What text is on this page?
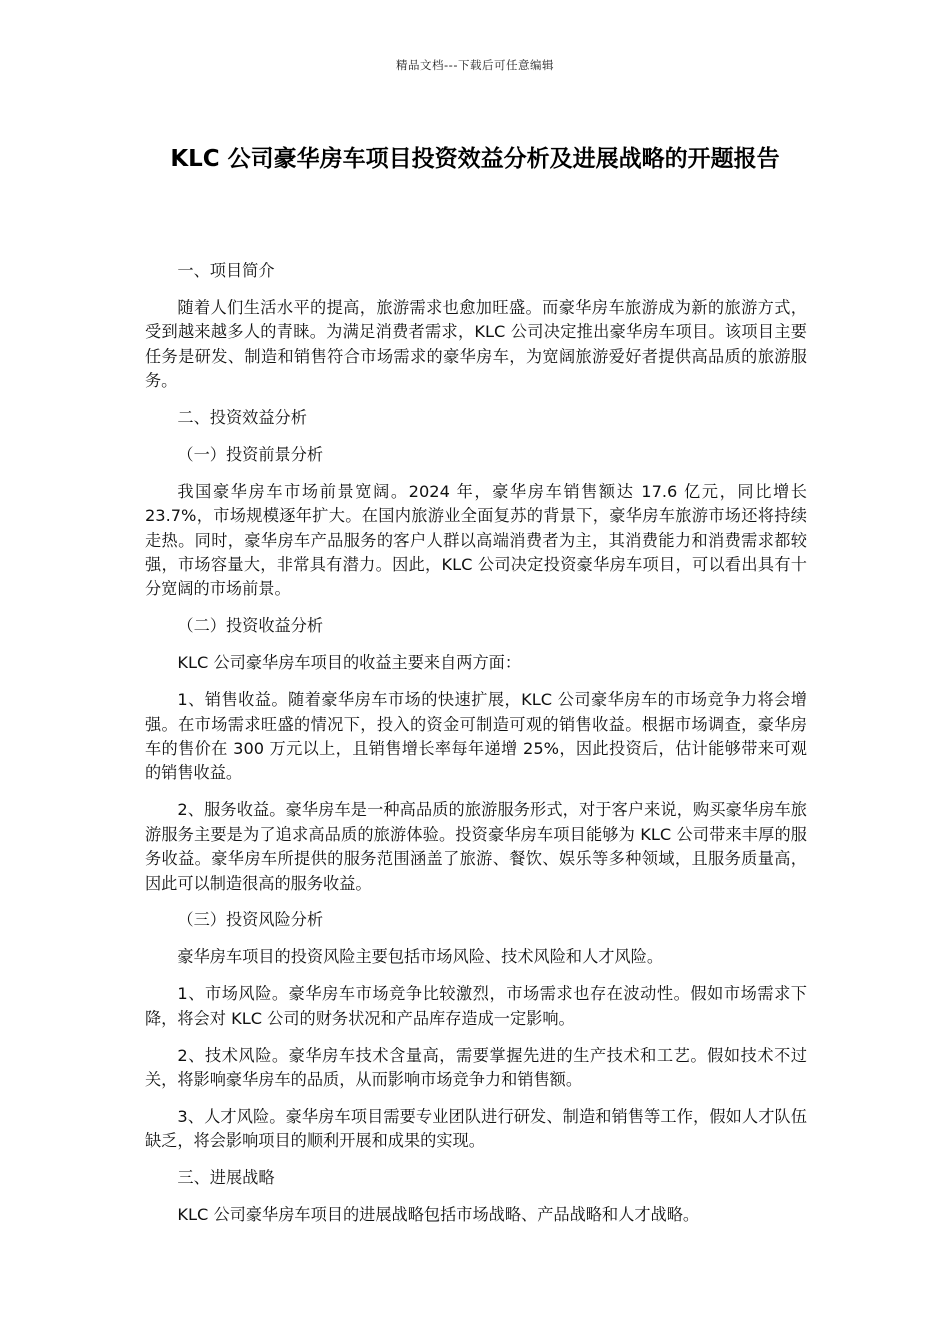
精品文档---下载后可任意编辑
KLC 公司豪华房车项目投资效益分析及进展战略的开题报告

一、项目简介

随着人们生活水平的提高，旅游需求也愈加旺盛。而豪华房车旅游成为新的旅游方式，受到越来越多人的青睐。为满足消费者需求，KLC 公司决定推出豪华房车项目。该项目主要任务是研发、制造和销售符合市场需求的豪华房车，为宽阔旅游爱好者提供高品质的旅游服务。

二、投资效益分析

（一）投资前景分析

我国豪华房车市场前景宽阔。2024 年，豪华房车销售额达 17.6 亿元，同比增长 23.7%，市场规模逐年扩大。在国内旅游业全面复苏的背景下，豪华房车旅游市场还将持续走热。同时，豪华房车产品服务的客户人群以高端消费者为主，其消费能力和消费需求都较强，市场容量大，非常具有潜力。因此，KLC 公司决定投资豪华房车项目，可以看出具有十分宽阔的市场前景。

（二）投资收益分析

KLC 公司豪华房车项目的收益主要来自两方面：

1、销售收益。随着豪华房车市场的快速扩展，KLC 公司豪华房车的市场竞争力将会增强。在市场需求旺盛的情况下，投入的资金可制造可观的销售收益。根据市场调查，豪华房车的售价在 300 万元以上，且销售增长率每年递增 25%，因此投资后，估计能够带来可观的销售收益。

2、服务收益。豪华房车是一种高品质的旅游服务形式，对于客户来说，购买豪华房车旅游服务主要是为了追求高品质的旅游体验。投资豪华房车项目能够为 KLC 公司带来丰厚的服务收益。豪华房车所提供的服务范围涵盖了旅游、餐饮、娱乐等多种领域，且服务质量高，因此可以制造很高的服务收益。

（三）投资风险分析

豪华房车项目的投资风险主要包括市场风险、技术风险和人才风险。

1、市场风险。豪华房车市场竞争比较激烈，市场需求也存在波动性。假如市场需求下降，将会对 KLC 公司的财务状况和产品库存造成一定影响。

2、技术风险。豪华房车技术含量高，需要掌握先进的生产技术和工艺。假如技术不过关，将影响豪华房车的品质，从而影响市场竞争力和销售额。

3、人才风险。豪华房车项目需要专业团队进行研发、制造和销售等工作，假如人才队伍缺乏，将会影响项目的顺利开展和成果的实现。

三、进展战略

KLC 公司豪华房车项目的进展战略包括市场战略、产品战略和人才战略。
